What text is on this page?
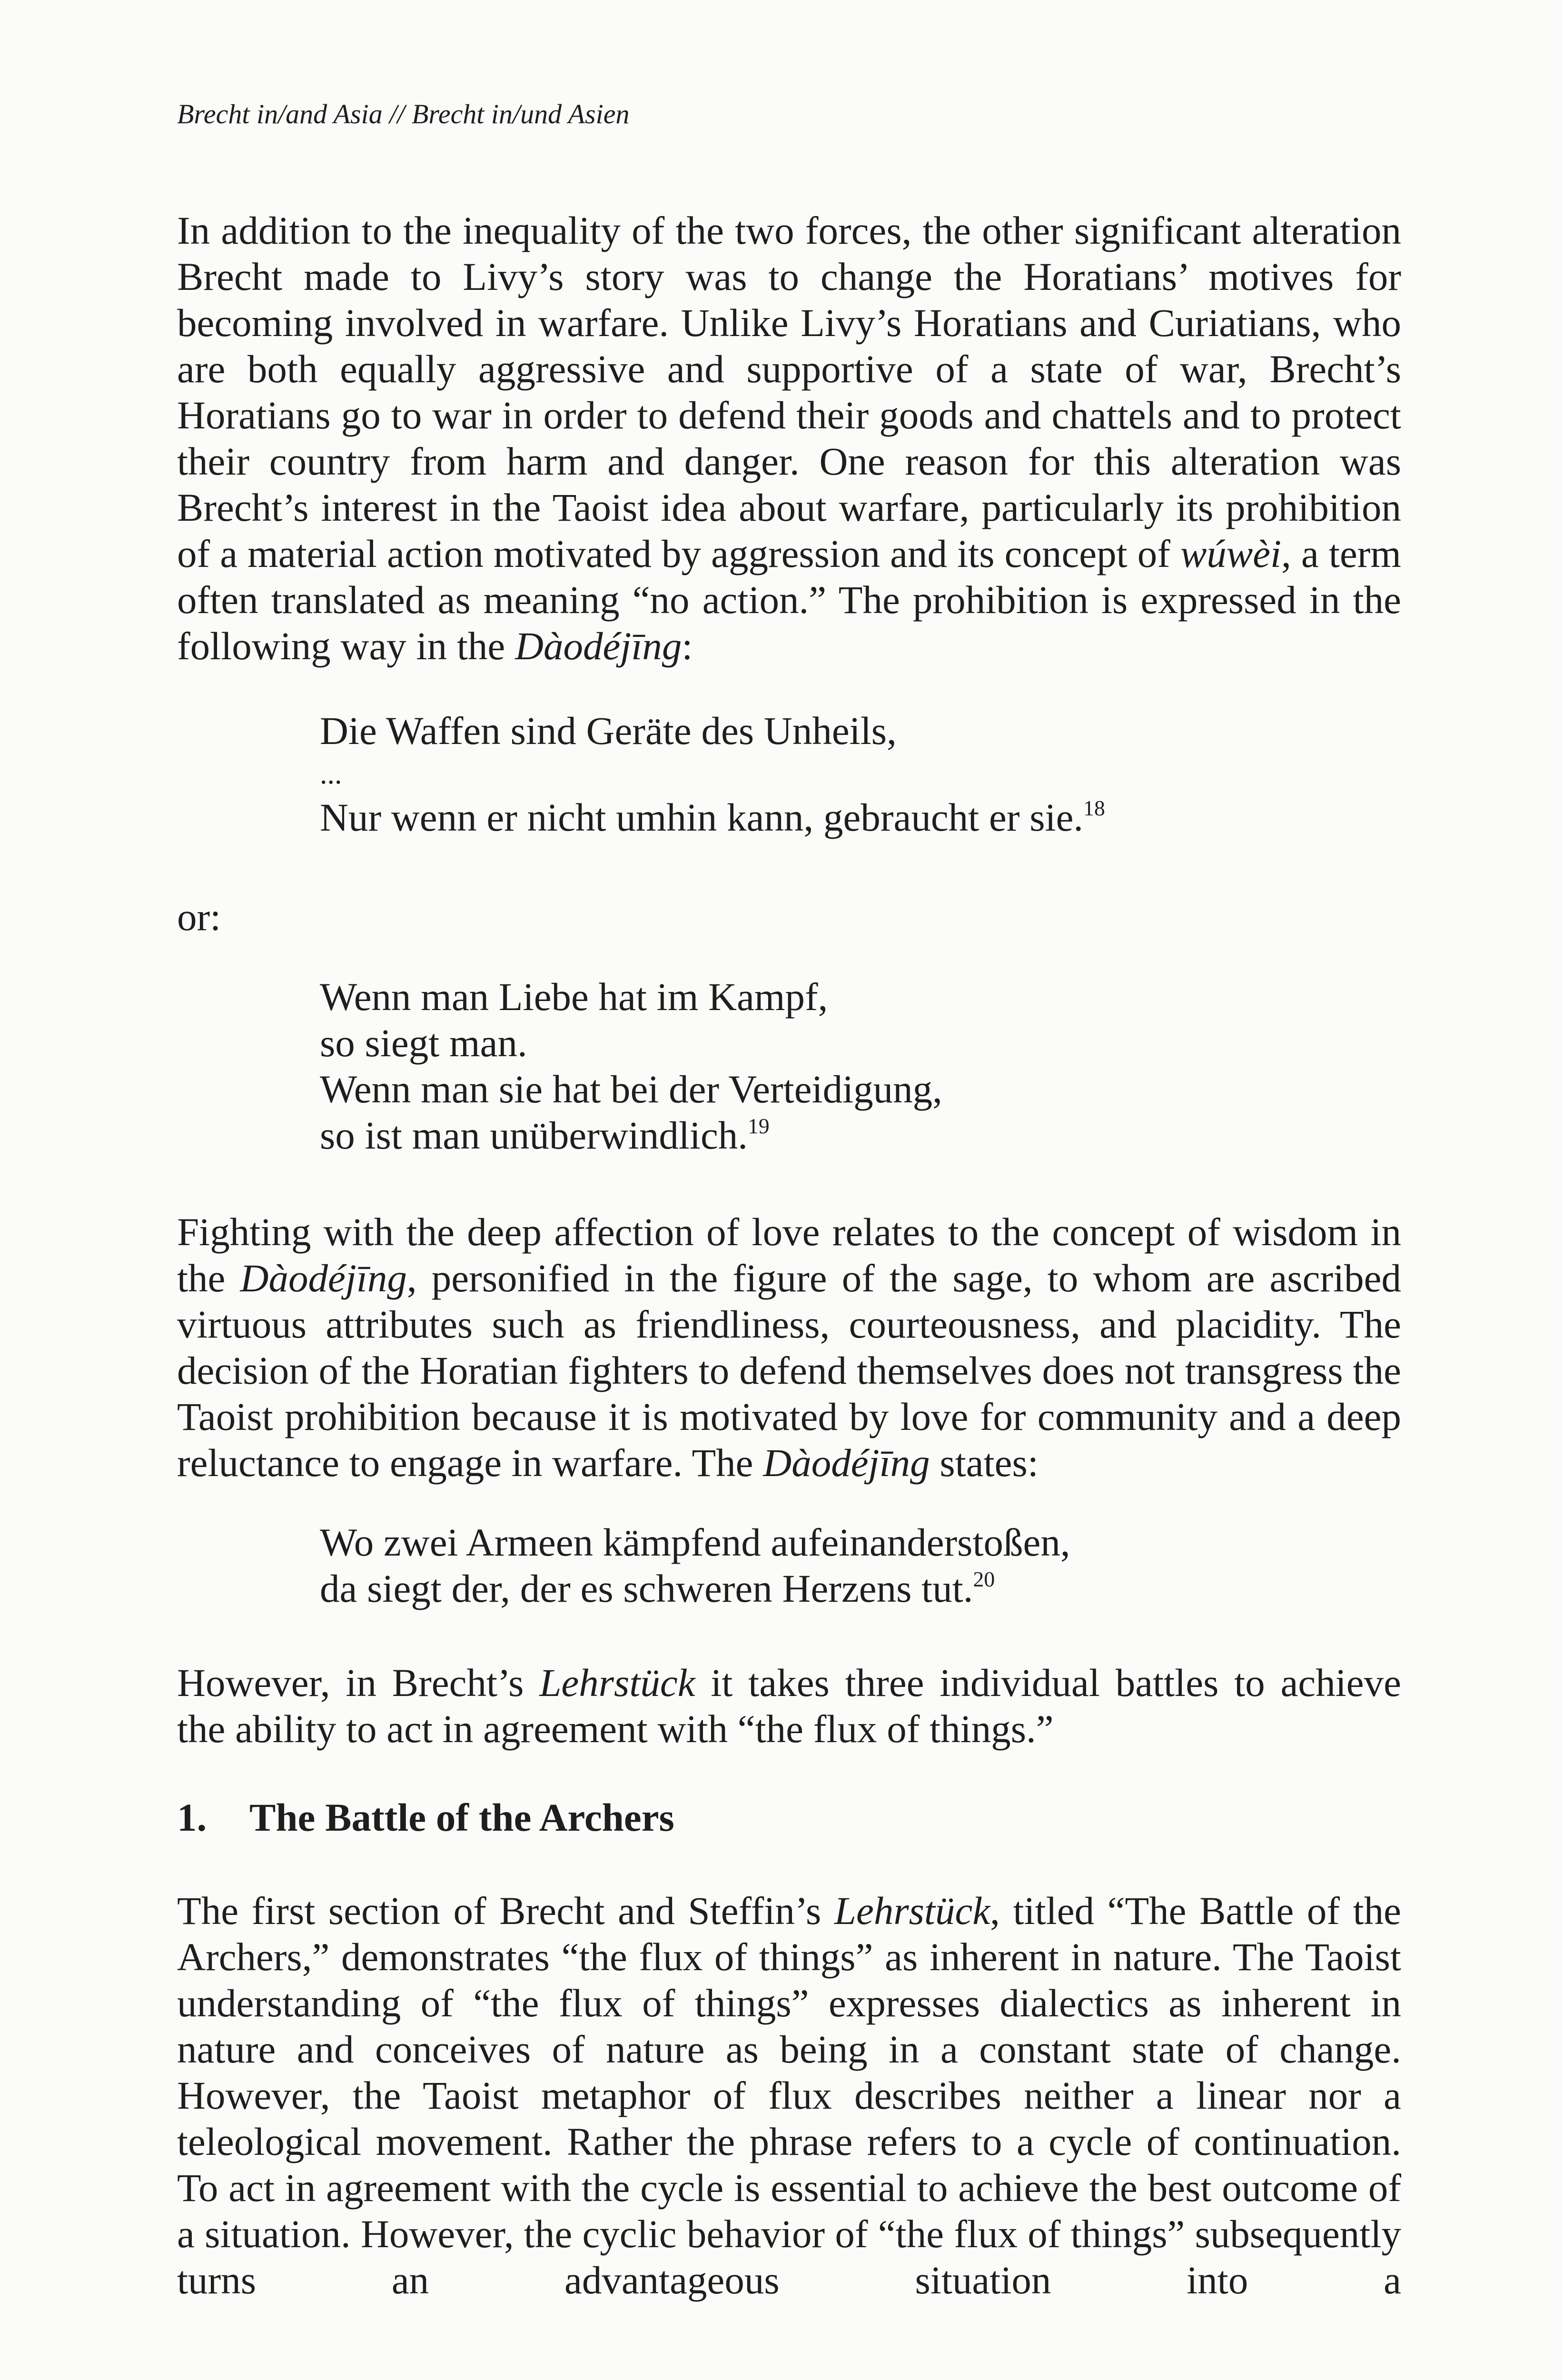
Brecht in/and Asia // Brecht in/und Asien

In addition to the inequality of the two forces, the other significant alteration Brecht made to Livy’s story was to change the Horatians’ motives for becoming involved in warfare. Unlike Livy’s Horatians and Curiatians, who are both equally aggressive and supportive of a state of war, Brecht’s Horatians go to war in order to defend their goods and chattels and to protect their country from harm and danger. One reason for this alteration was Brecht’s interest in the Taoist idea about warfare, particularly its prohibition of a material action motivated by aggression and its concept of wúwèi, a term often translated as meaning “no action.” The prohibition is expressed in the following way in the Dàodéjīng:

Die Waffen sind Geräte des Unheils,
...
Nur wenn er nicht umhin kann, gebraucht er sie.$^{18}$
or:
Wenn man Liebe hat im Kampf,
so siegt man.
Wenn man sie hat bei der Verteidigung,
so ist man unüberwindlich.$^{19}$

Fighting with the deep affection of love relates to the concept of wisdom in the Dàodéjīng, personified in the figure of the sage, to whom are ascribed virtuous attributes such as friendliness, courteousness, and placidity. The decision of the Horatian fighters to defend themselves does not transgress the Taoist prohibition because it is motivated by love for community and a deep reluctance to engage in warfare. The Dàodéjīng states:

Wo zwei Armeen kämpfend aufeinanderstoßen,
da siegt der, der es schweren Herzens tut.$^{20}$

However, in Brecht’s Lehrstück it takes three individual battles to achieve the ability to act in agreement with “the flux of things.”

1. The Battle of the Archers

The first section of Brecht and Steffin’s Lehrstück, titled “The Battle of the Archers,” demonstrates “the flux of things” as inherent in nature. The Taoist understanding of “the flux of things” expresses dialectics as inherent in nature and conceives of nature as being in a constant state of change. However, the Taoist metaphor of flux describes neither a linear nor a teleological movement. Rather the phrase refers to a cycle of continuation. To act in agreement with the cycle is essential to achieve the best outcome of a situation. However, the cyclic behavior of “the flux of things” subsequently turns an advantageous situation into a
